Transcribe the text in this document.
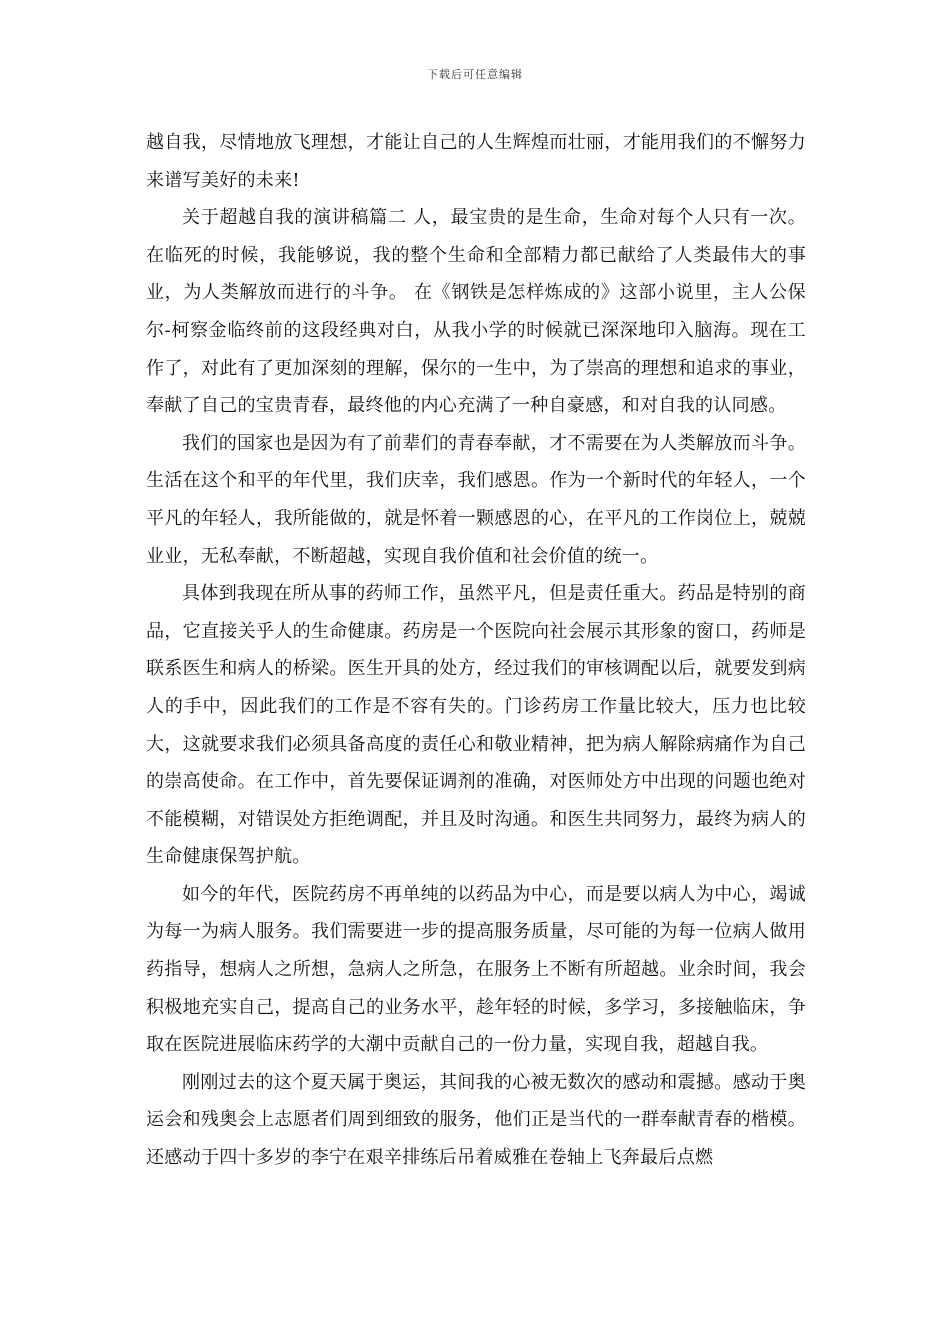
下载后可任意编辑

越自我，尽情地放飞理想，才能让自己的人生辉煌而壮丽，才能用我们的不懈努力来谱写美好的未来!

关于超越自我的演讲稿篇二 人，最宝贵的是生命，生命对每个人只有一次。在临死的时候，我能够说，我的整个生命和全部精力都已献给了人类最伟大的事业，为人类解放而进行的斗争。 在《钢铁是怎样炼成的》这部小说里，主人公保尔-柯察金临终前的这段经典对白，从我小学的时候就已深深地印入脑海。现在工作了，对此有了更加深刻的理解，保尔的一生中，为了崇高的理想和追求的事业，奉献了自己的宝贵青春，最终他的内心充满了一种自豪感，和对自我的认同感。

我们的国家也是因为有了前辈们的青春奉献，才不需要在为人类解放而斗争。生活在这个和平的年代里，我们庆幸，我们感恩。作为一个新时代的年轻人，一个平凡的年轻人，我所能做的，就是怀着一颗感恩的心，在平凡的工作岗位上，兢兢业业，无私奉献，不断超越，实现自我价值和社会价值的统一。

具体到我现在所从事的药师工作，虽然平凡，但是责任重大。药品是特别的商品，它直接关乎人的生命健康。药房是一个医院向社会展示其形象的窗口，药师是联系医生和病人的桥梁。医生开具的处方，经过我们的审核调配以后，就要发到病人的手中，因此我们的工作是不容有失的。门诊药房工作量比较大，压力也比较大，这就要求我们必须具备高度的责任心和敬业精神，把为病人解除病痛作为自己的崇高使命。在工作中，首先要保证调剂的准确，对医师处方中出现的问题也绝对不能模糊，对错误处方拒绝调配，并且及时沟通。和医生共同努力，最终为病人的生命健康保驾护航。

如今的年代，医院药房不再单纯的以药品为中心，而是要以病人为中心，竭诚为每一为病人服务。我们需要进一步的提高服务质量，尽可能的为每一位病人做用药指导，想病人之所想，急病人之所急，在服务上不断有所超越。业余时间，我会积极地充实自己，提高自己的业务水平，趁年轻的时候，多学习，多接触临床，争取在医院进展临床药学的大潮中贡献自己的一份力量，实现自我，超越自我。

刚刚过去的这个夏天属于奥运，其间我的心被无数次的感动和震撼。感动于奥运会和残奥会上志愿者们周到细致的服务，他们正是当代的一群奉献青春的楷模。还感动于四十多岁的李宁在艰辛排练后吊着威雅在卷轴上飞奔最后点燃
